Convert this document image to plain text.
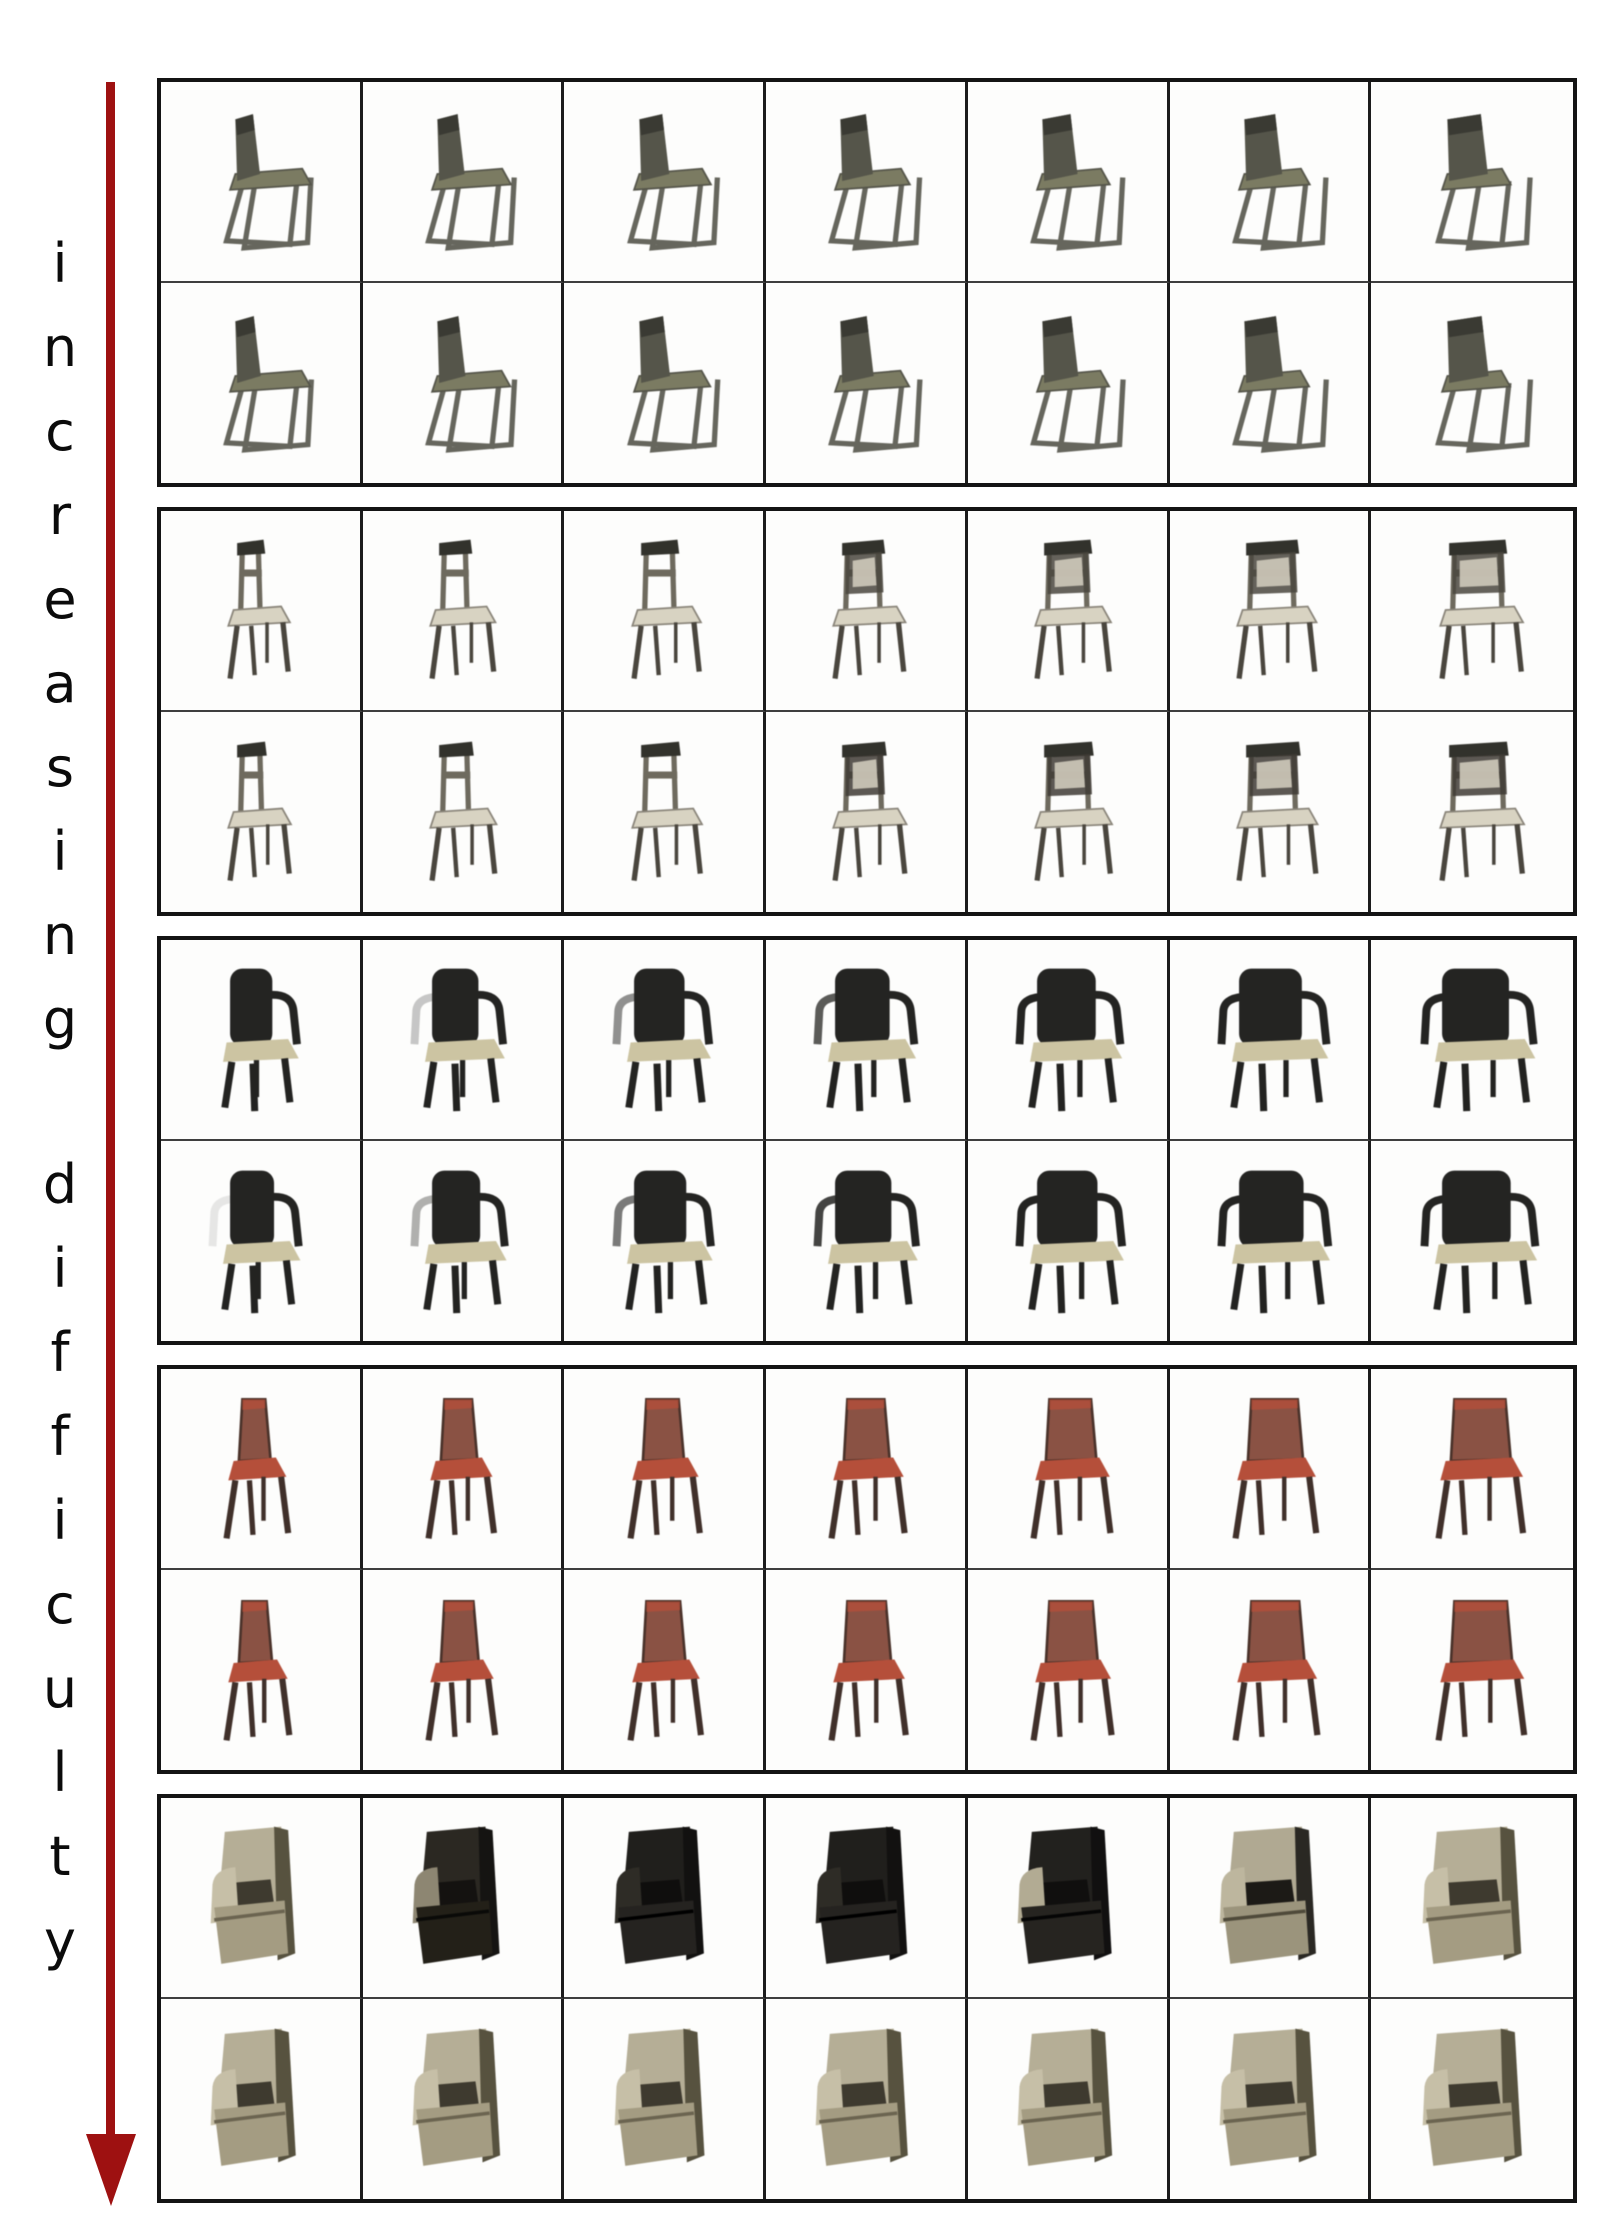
i
n
c
r
e
a
s
i
n
g
d
i
f
f
i
c
u
l
t
y
